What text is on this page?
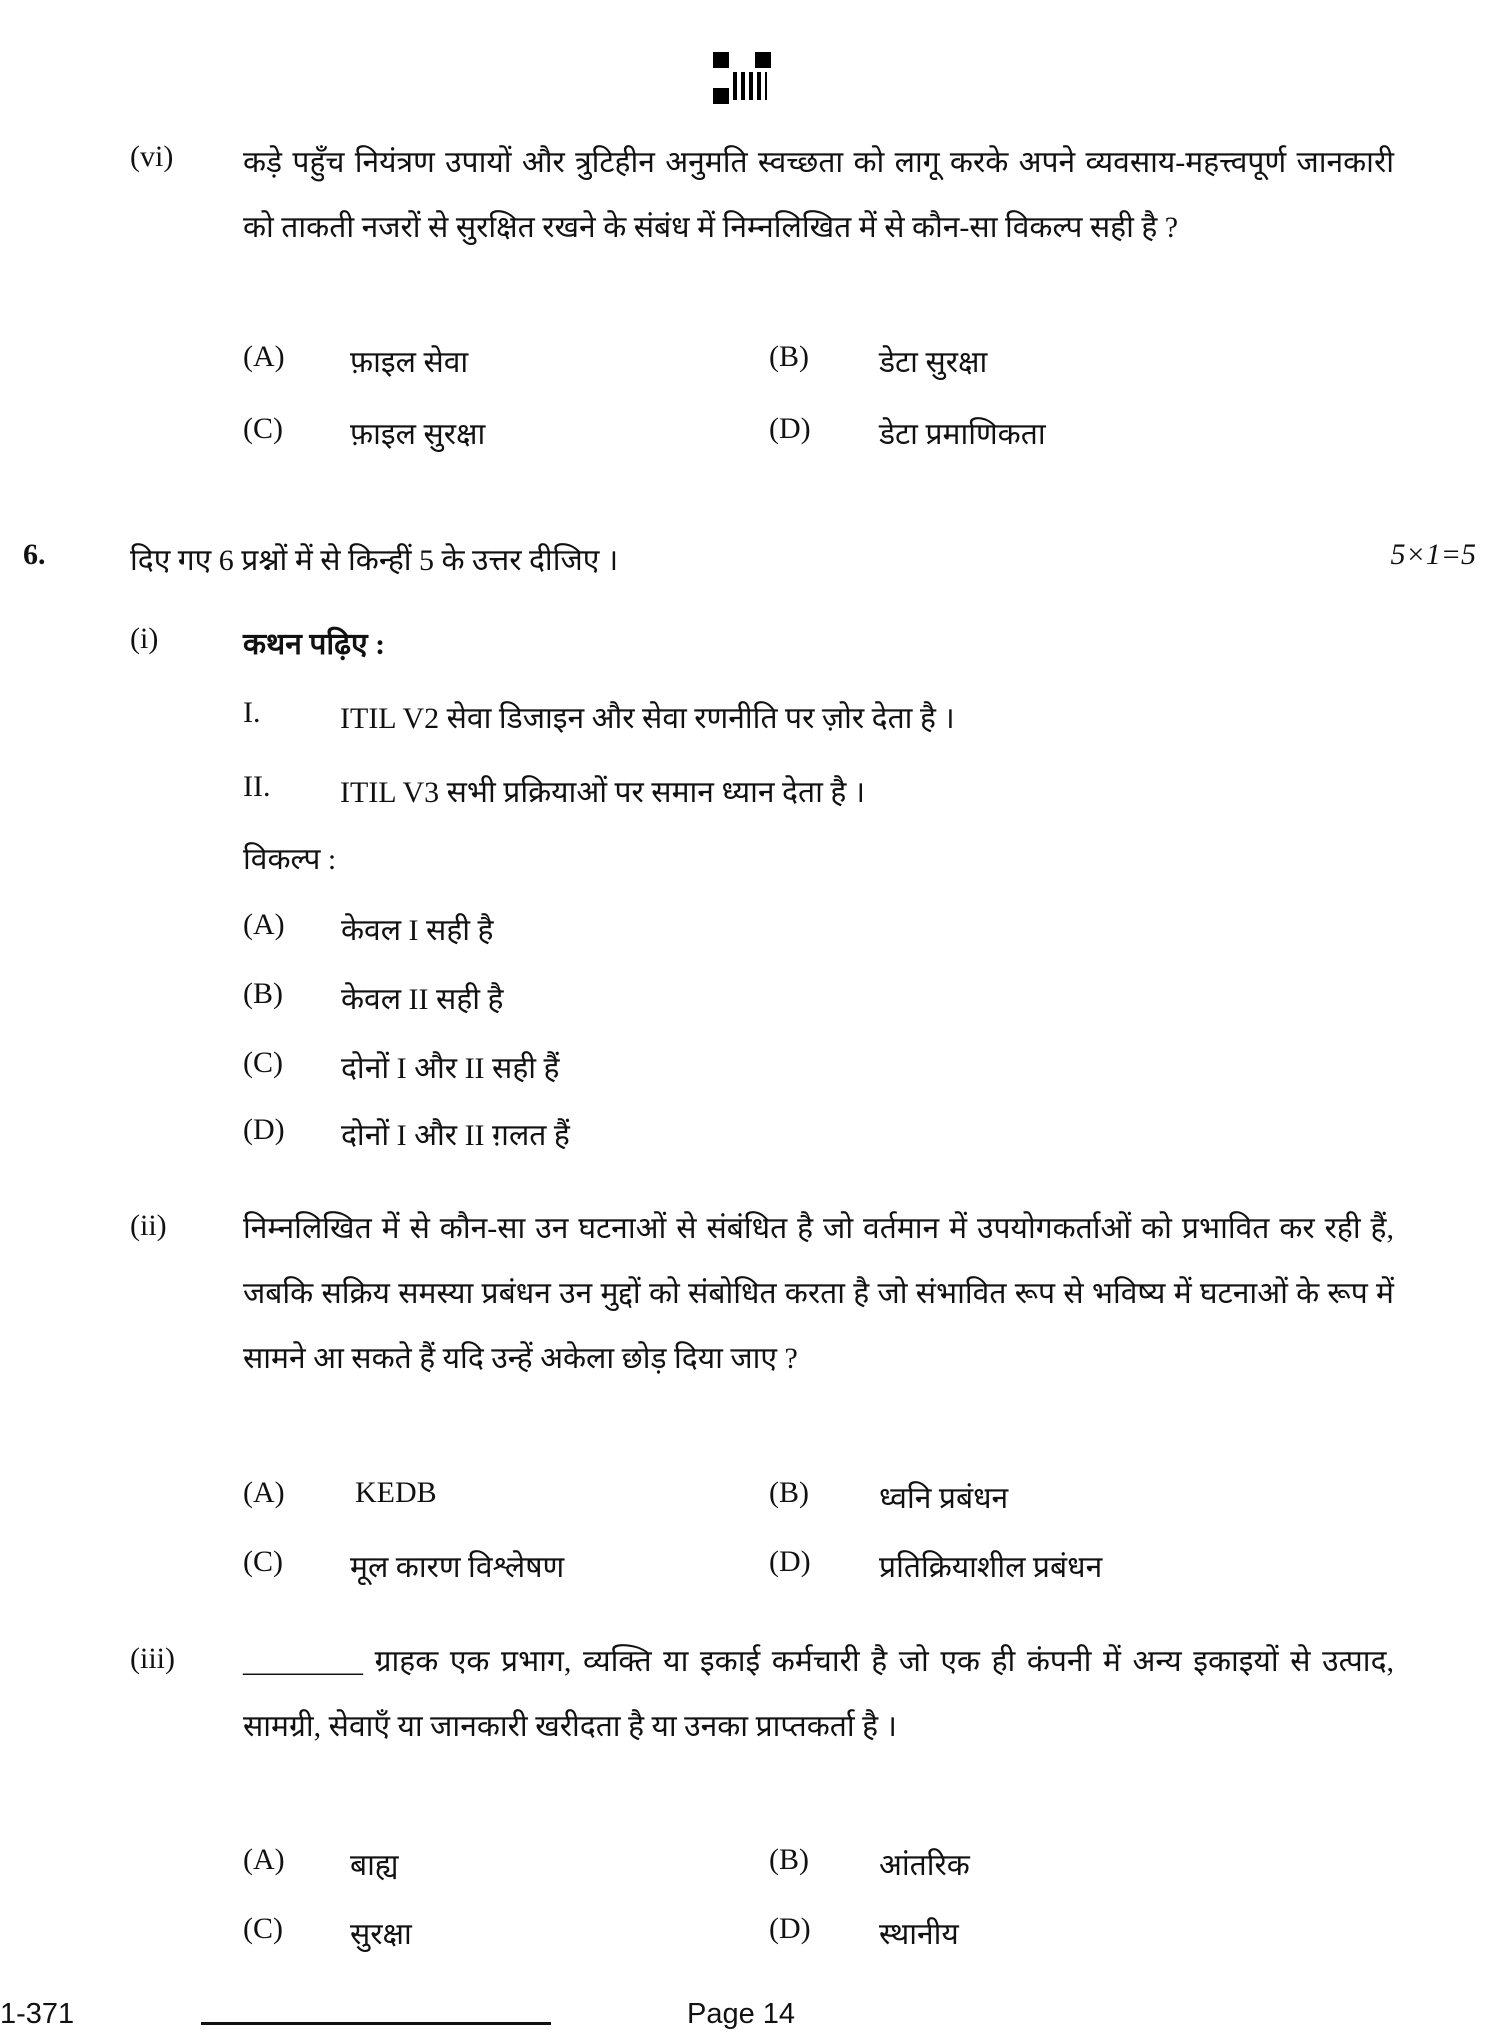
(vi) कड़े पहुँच नियंत्रण उपायों और त्रुटिहीन अनुमति स्वच्छता को लागू करके अपने व्यवसाय-महत्त्वपूर्ण जानकारी को ताकती नजरों से सुरक्षित रखने के संबंध में निम्नलिखित में से कौन-सा विकल्प सही है ?
(A) फ़ाइल सेवा	(B) डेटा सुरक्षा
(C) फ़ाइल सुरक्षा	(D) डेटा प्रमाणिकता
6.	दिए गए 6 प्रश्नों में से किन्हीं 5 के उत्तर दीजिए ।	5×1=5
(i)	कथन पढ़िए :
I.	ITIL V2 सेवा डिजाइन और सेवा रणनीति पर ज़ोर देता है ।
II. ITIL V3 सभी प्रक्रियाओं पर समान ध्यान देता है ।
विकल्प :
(A) केवल I सही है
(B) केवल II सही है
(C) दोनों I और II सही हैं
(D) दोनों I और II ग़लत हैं
(ii)	निम्नलिखित में से कौन-सा उन घटनाओं से संबंधित है जो वर्तमान में उपयोगकर्ताओं को प्रभावित कर रही हैं, जबकि सक्रिय समस्या प्रबंधन उन मुद्दों को संबोधित करता है जो संभावित रूप से भविष्य में घटनाओं के रूप में सामने आ सकते हैं यदि उन्हें अकेला छोड़ दिया जाए ?
(A) KEDB	(B) ध्वनि प्रबंधन
(C) मूल कारण विश्लेषण	(D) प्रतिक्रियाशील प्रबंधन
(iii) ________ ग्राहक एक प्रभाग, व्यक्ति या इकाई कर्मचारी है जो एक ही कंपनी में अन्य इकाइयों से उत्पाद, सामग्री, सेवाएँ या जानकारी खरीदता है या उनका प्राप्तकर्ता है ।
(A) बाह्य	(B) आंतरिक
(C) सुरक्षा	(D) स्थानीय
1-371	Page 14
